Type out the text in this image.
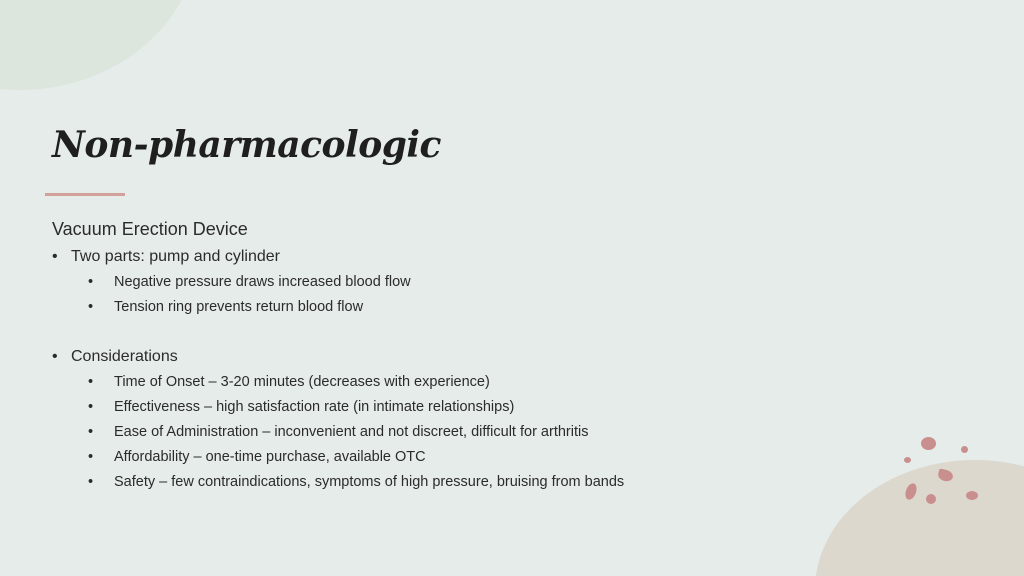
Non-pharmacologic
Vacuum Erection Device
• Two parts: pump and cylinder
• Negative pressure draws increased blood flow
• Tension ring prevents return blood flow
• Considerations
• Time of Onset – 3-20 minutes (decreases with experience)
• Effectiveness – high satisfaction rate (in intimate relationships)
• Ease of Administration – inconvenient and not discreet, difficult for arthritis
• Affordability – one-time purchase, available OTC
• Safety – few contraindications, symptoms of high pressure, bruising from bands
